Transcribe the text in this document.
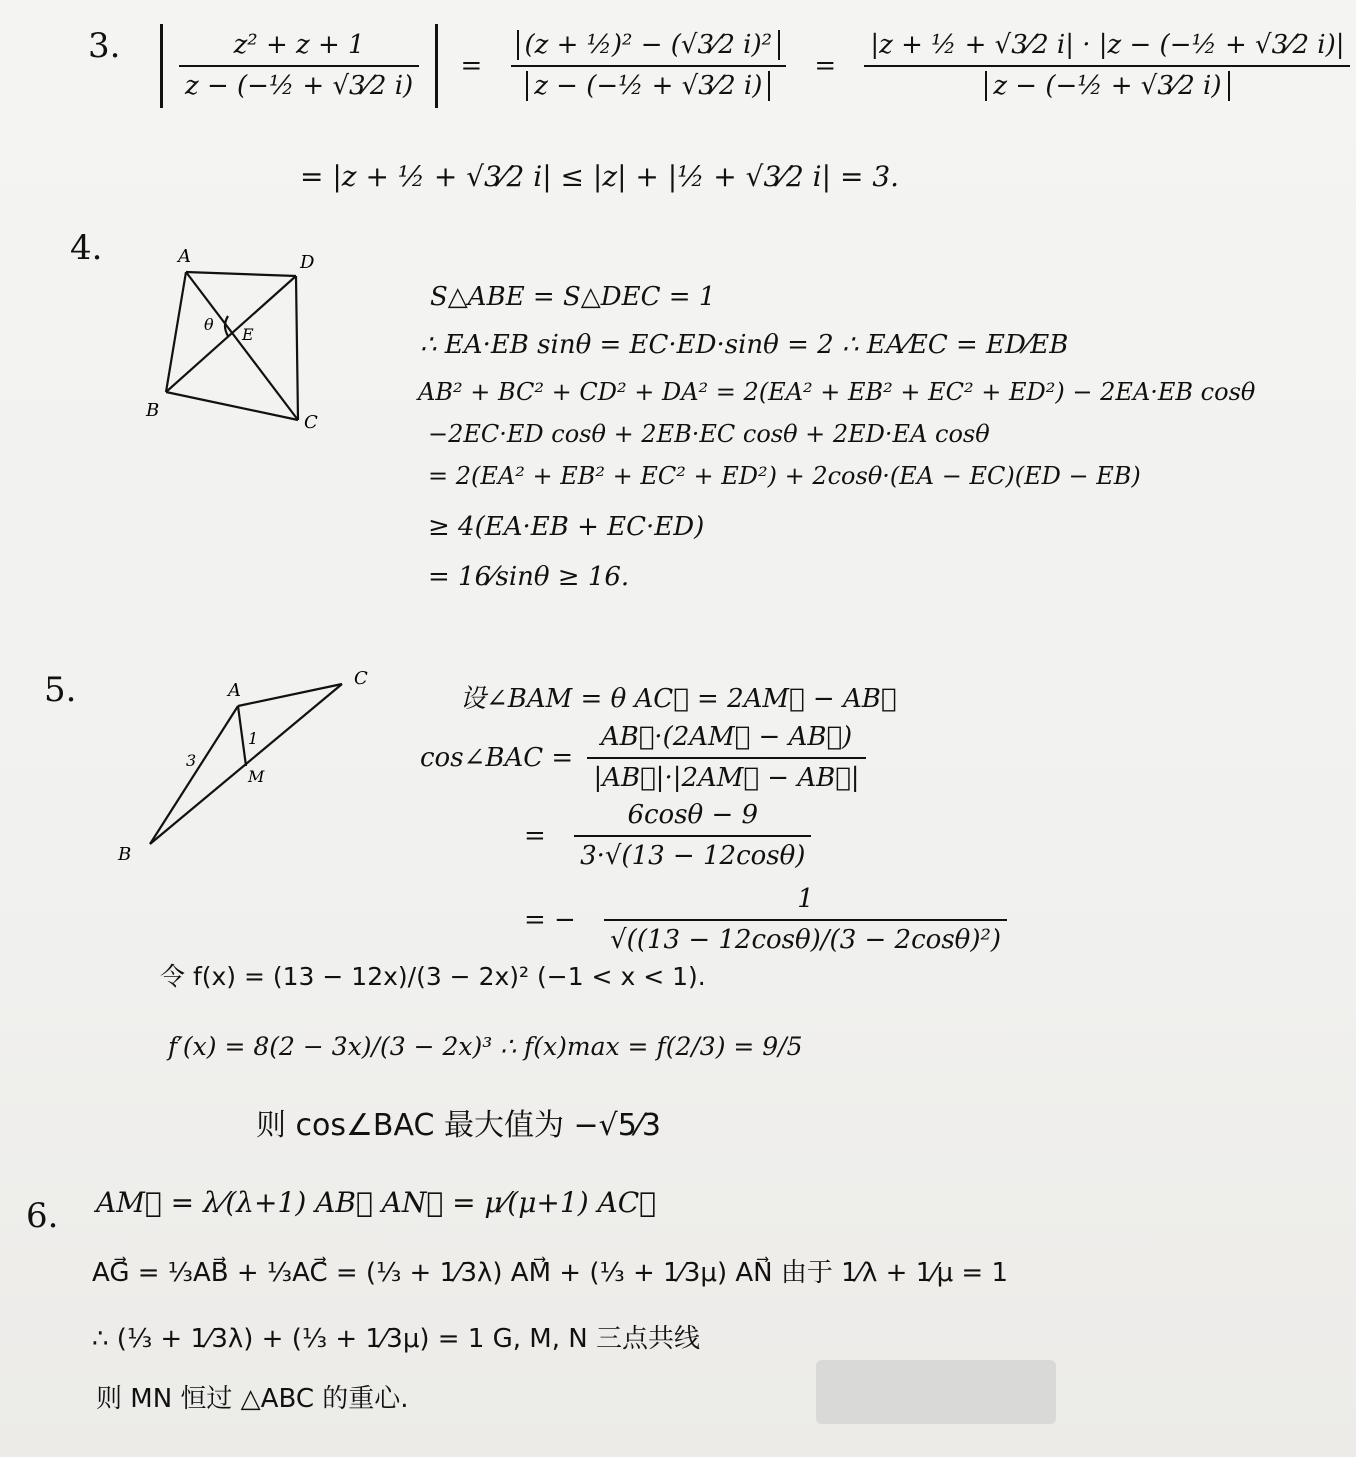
3. $\frac{\text{z² + z + 1}}{\text{z − (−½ + √3⁄2 i)}} = \frac{\text{(z + ½)² − (√3⁄2 i)²}}{\text{z − (−½ + √3⁄2 i)}} = \frac{\text{|z + ½ + √3⁄2 i| · |z − (−½ + √3⁄2 i)|}}{\text{z − (−½ + √3⁄2 i)}}$
= |z + ½ + √3⁄2 i| ≤ |z| + |½ + √3⁄2 i| = 3.
4.	A	D
B
C
E
θ
S△ABE = S△DEC = 1
∴ EA·EB sinθ = EC·ED·sinθ = 2 ∴ EA⁄EC = ED⁄EB
AB² + BC² + CD² + DA² = 2(EA² + EB² + EC² + ED²) − 2EA·EB cosθ
−2EC·ED cosθ + 2EB·EC cosθ + 2ED·EA cosθ
= 2(EA² + EB² + EC² + ED²) + 2cosθ·(EA − EC)(ED − EB)
≥ 4(EA·EB + EC·ED)
= 16⁄sinθ ≥ 16.
5.	A
C
B
M
3
1
设∠BAM = θ AC⃗ = 2AM⃗ − AB⃗
cos∠BAC = $\frac{AB⃗\cdot(2AM⃗ - AB⃗)}{|AB⃗|\cdot|2AM⃗ - AB⃗|}$
= $\frac{6\cos\theta - 9}{3\cdot√(13 - 12\cos\theta)}$
= − $\frac{1}{\text{√((13 − 12cosθ)/(3 − 2cosθ)²)}}$
令 f(x) = (13 − 12x)/(3 − 2x)² (−1 < x < 1).
f′(x) = 8(2 − 3x)/(3 − 2x)³ ∴ f(x)max = f(2/3) = 9/5
则 cos∠BAC 最大值为 −√5⁄3
6. AM⃗ = λ⁄(λ+1) AB⃗ AN⃗ = μ⁄(μ+1) AC⃗
AG⃗ = ⅓AB⃗ + ⅓AC⃗ = (⅓ + 1⁄3λ) AM⃗ + (⅓ + 1⁄3μ) AN⃗ 由于 1⁄λ + 1⁄μ = 1
∴ (⅓ + 1⁄3λ) + (⅓ + 1⁄3μ) = 1 G, M, N 三点共线
则 MN 恒过 △ABC 的重心.
